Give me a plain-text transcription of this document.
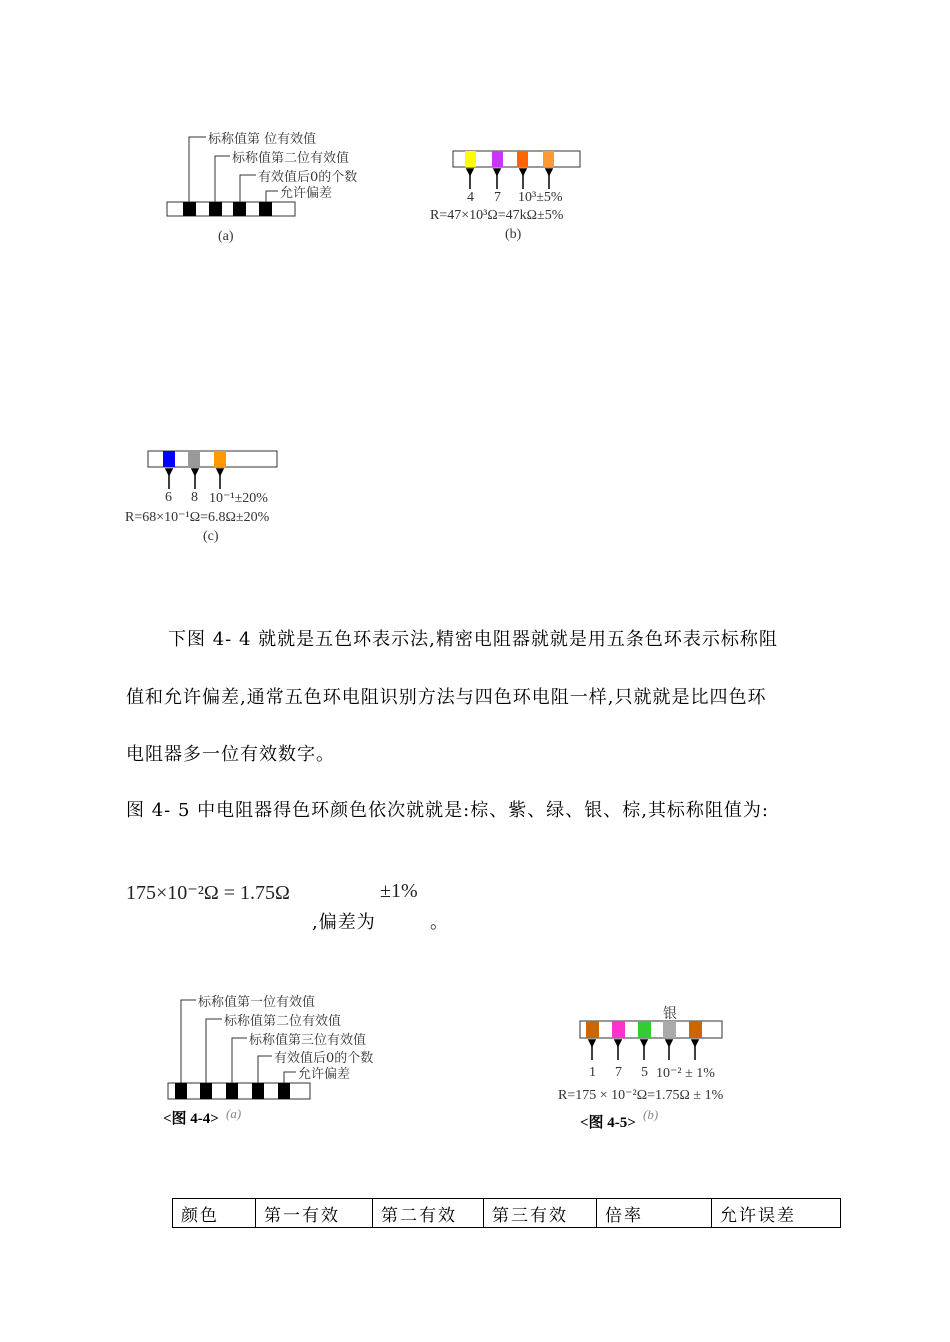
标称值第 位有效值
标称值第二位有效值
有效值后0的个数
允许偏差
(a)
4 7 10³±5%
R=47×10³Ω=47kΩ±5%
(b)
6 8 10⁻¹±20%
R=68×10⁻¹Ω=6.8Ω±20%
(c)
下图 4- 4 就就是五色环表示法,精密电阻器就就是用五条色环表示标称阻
值和允许偏差,通常五色环电阻识别方法与四色环电阻一样,只就就是比四色环
电阻器多一位有效数字。
图 4- 5 中电阻器得色环颜色依次就就是:棕、紫、绿、银、棕,其标称阻值为:
175×10⁻²Ω = 1.75Ω	±1%
,偏差为	。
标称值第一位有效值
标称值第二位有效值
标称值第三位有效值
有效值后0的个数
允许偏差
<图 4-4> (a)
银
1 7 5 10⁻² ± 1%
R=175 × 10⁻²Ω=1.75Ω ± 1%
<图 4-5>
(b)
颜色	第一有效	第二有效	第三有效	倍率	允许误差
